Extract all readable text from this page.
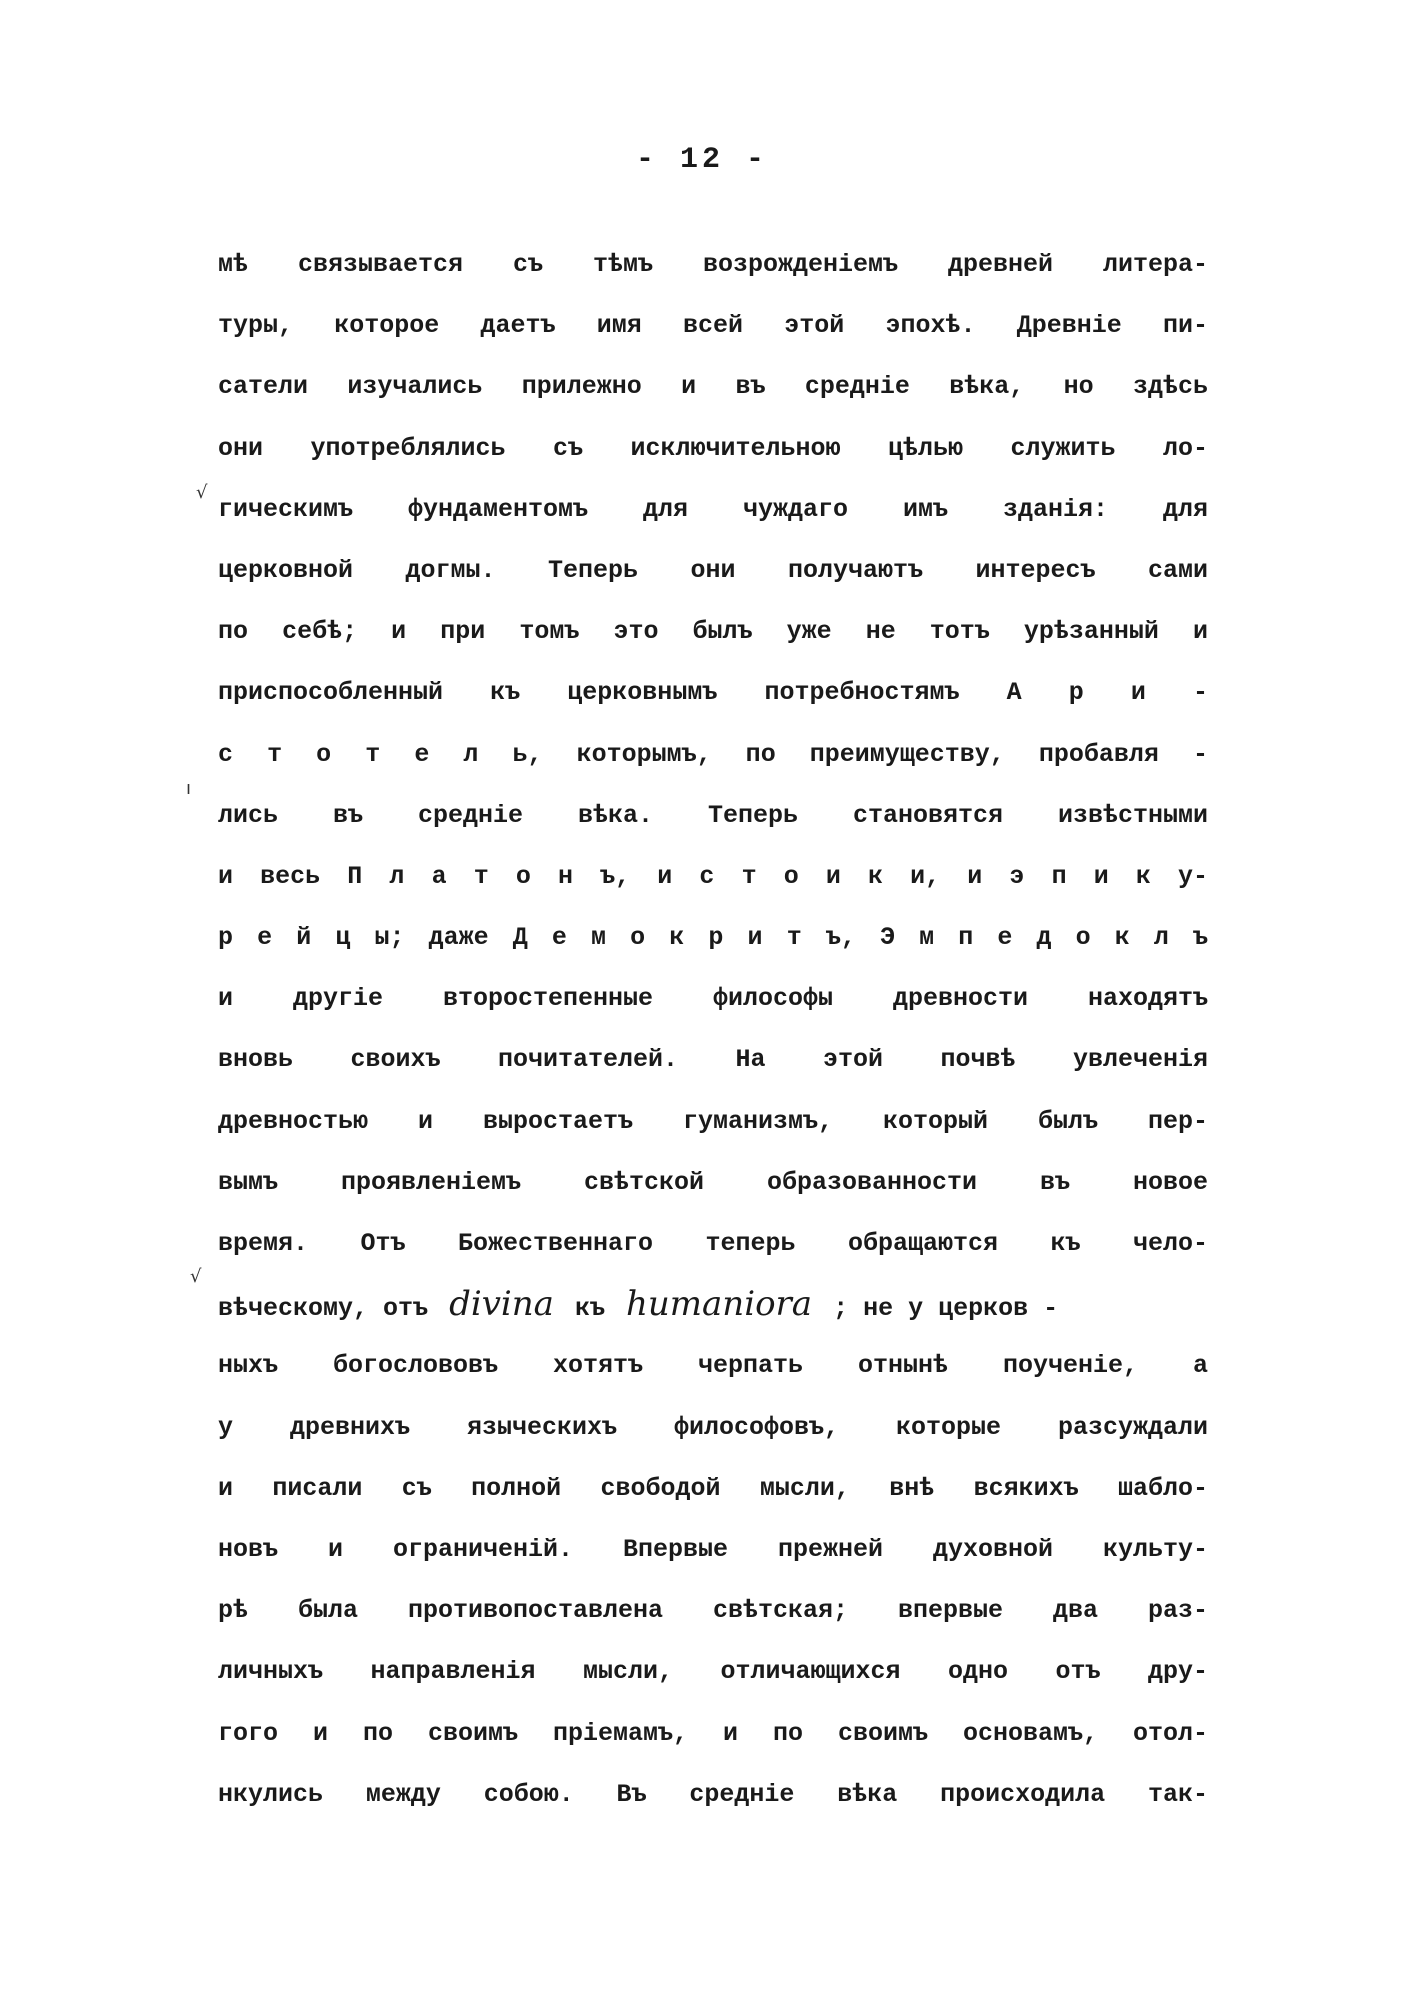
- 12 -
мѣ связывается съ тѣмъ возрожденіемъ древней литера-
туры, которое даетъ имя всей этой эпохѣ. Древніе пи-
сатели изучались прилежно и въ средніе вѣка, но здѣсь
они употреблялись съ исключительною цѣлью служить ло-
гическимъ фундаментомъ для чуждаго имъ зданія: для
церковной догмы. Теперь они получаютъ интересъ сами
по себѣ; и при томъ это былъ уже не тотъ урѣзанный и
приспособленный къ церковнымъ потребностямъ А р и -
с т о т е л ь, которымъ, по преимуществу, пробавля -
лись въ средніе вѣка. Теперь становятся извѣстными
и весь П л а т о н ъ, и с т о и к и, и э п и к у-
р е й ц ы; даже Д е м о к р и т ъ, Э м п е д о к л ъ
и другіе второстепенные философы древности находятъ
вновь своихъ почитателей. На этой почвѣ увлеченія
древностью и выростаетъ гуманизмъ, который былъ пер-
вымъ проявленіемъ свѣтской образованности въ новое
время. Отъ Божественнаго теперь обращаются къ чело-
вѣческому, отъ divina къ humaniora ; не у церков -
ныхъ богослововъ хотятъ черпать отнынѣ поученіе, а
у древнихъ языческихъ философовъ, которые разсуждали
и писали съ полной свободой мысли, внѣ всякихъ шабло-
новъ и ограниченій. Впервые прежней духовной культу-
рѣ была противопоставлена свѣтская; впервые два раз-
личныхъ направленія мысли, отличающихся одно отъ дру-
гого и по своимъ пріемамъ, и по своимъ основамъ, отол-
нкулись между собою. Въ средніе вѣка происходила так-
√
ı
√
